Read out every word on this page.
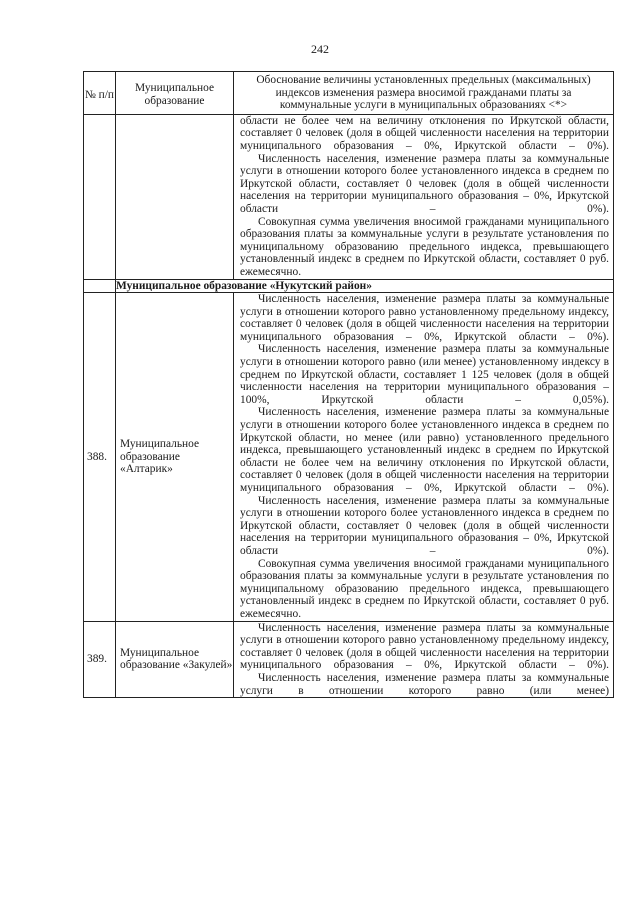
242
№ п/п	Муниципальное образование	Обоснование величины установленных предельных (максимальных) индексов изменения размера вносимой гражданами платы за коммунальные услуги в муниципальных образованиях <*>

		области не более чем на величину отклонения по Иркутской области, составляет 0 человек (доля в общей численности населения на территории муниципального образования – 0%, Иркутской области – 0%).
Численность населения, изменение размера платы за коммунальные услуги в отношении которого более установленного индекса в среднем по Иркутской области, составляет 0 человек (доля в общей численности населения на территории муниципального образования – 0%, Иркутской области – 0%).
Совокупная сумма увеличения вносимой гражданами муниципального образования платы за коммунальные услуги в результате установления по муниципальному образованию предельного индекса, превышающего установленный индекс в среднем по Иркутской области, составляет 0 руб. ежемесячно.

	Муниципальное образование «Нукутский район»	
388.	Муниципальное образование «Алтарик»	Численность населения, изменение размера платы за коммунальные услуги в отношении которого равно установленному предельному индексу, составляет 0 человек (доля в общей численности населения на территории муниципального образования – 0%, Иркутской области – 0%).
Численность населения, изменение размера платы за коммунальные услуги в отношении которого равно (или менее) установленному индексу в среднем по Иркутской области, составляет 1 125 человек (доля в общей численности населения на территории муниципального образования – 100%, Иркутской области – 0,05%).
Численность населения, изменение размера платы за коммунальные услуги в отношении которого более установленного индекса в среднем по Иркутской области, но менее (или равно) установленного предельного индекса, превышающего установленный индекс в среднем по Иркутской области не более чем на величину отклонения по Иркутской области, составляет 0 человек (доля в общей численности населения на территории муниципального образования – 0%, Иркутской области – 0%).
Численность населения, изменение размера платы за коммунальные услуги в отношении которого более установленного индекса в среднем по Иркутской области, составляет 0 человек (доля в общей численности населения на территории муниципального образования – 0%, Иркутской области – 0%).
Совокупная сумма увеличения вносимой гражданами муниципального образования платы за коммунальные услуги в результате установления по муниципальному образованию предельного индекса, превышающего установленный индекс в среднем по Иркутской области, составляет 0 руб. ежемесячно.

389.	Муниципальное образование «Закулей»	Численность населения, изменение размера платы за коммунальные услуги в отношении которого равно установленному предельному индексу, составляет 0 человек (доля в общей численности населения на территории муниципального образования – 0%, Иркутской области – 0%).
Численность населения, изменение размера платы за коммунальные услуги в отношении которого равно (или менее)
